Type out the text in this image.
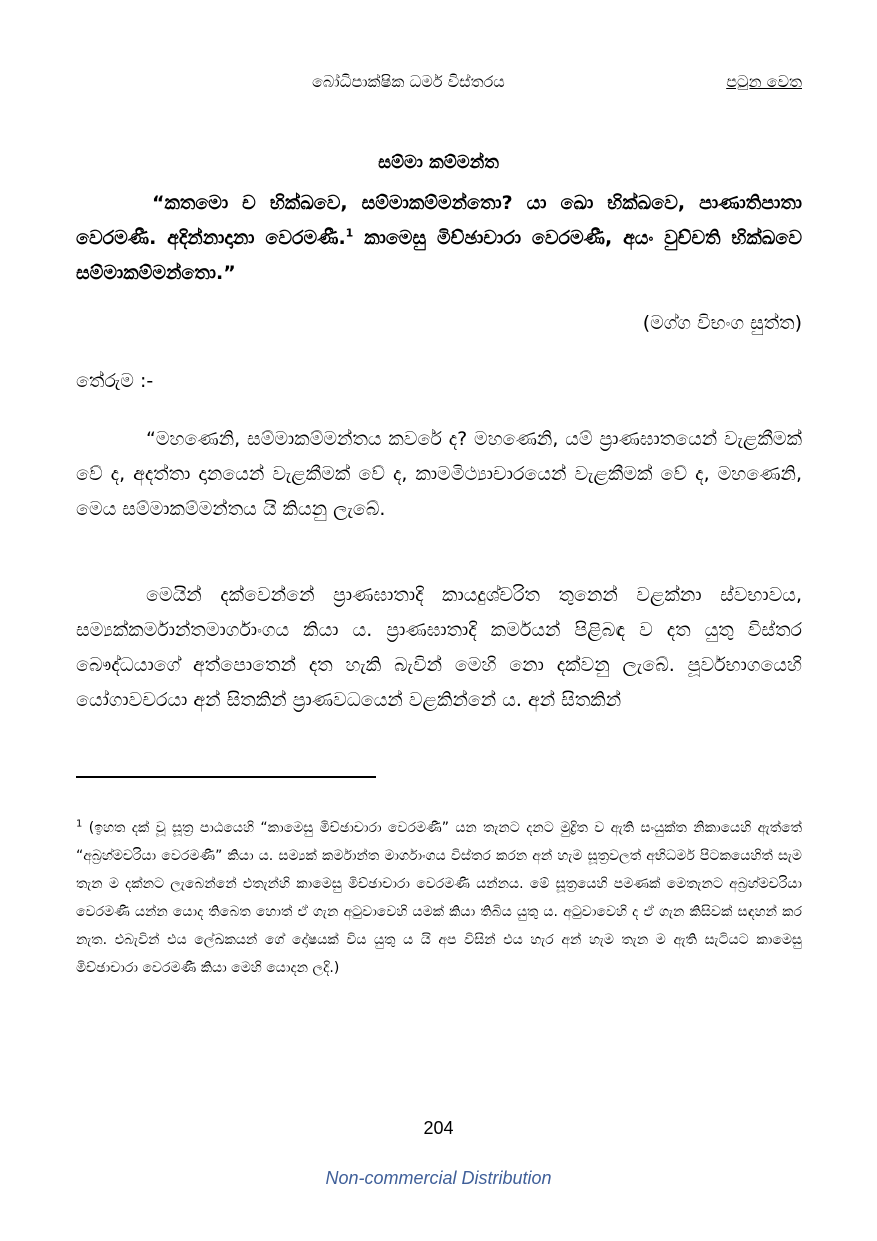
බෝධිපාක්ෂික ධර්ම විස්තරය	පටුන වෙත
සම්මා කම්මන්ත

“කතමො ච භික්ඛවෙ, සම්මාකම්මන්තො? යා ඛො භික්ඛවෙ, පාණාතිපාතා වෙරමණී. අදින්නාදානා වෙරමණී.$^1$ කාමෙසු මිච්ඡාචාරා වෙරමණී, අයං වුච්චති භික්ඛවෙ සම්මාකම්මන්තො.”

(මග්ග විභංග සුත්ත)
තේරුම :-

“මහණෙනි, සම්මාකම්මන්තය කවරේ ද? මහණෙනි, යම් ප්‍රාණඝාතයෙන් වැළකීමක් වේ ද, අදත්තා දානයෙන් වැළකීමක් වේ ද, කාමමිථ්‍යාචාරයෙන් වැළකීමක් වේ ද, මහණෙනි, මෙය සම්මාකම්මන්තය යි කියනු ලැබේ.

මෙයින් දක්වෙන්නේ ප්‍රාණඝාතාදි කායදුශ්චරිත තුනෙන් වළක්නා ස්වභාවය, සම්‍යක්කර්මාන්තමාර්ගාංගය කියා ය. ප්‍රාණඝාතාදි කර්මයන් පිළිබඳ ව දත යුතු විස්තර බෞද්ධයාගේ අත්පොතෙන් දත හැකි බැවින් මෙහි නො දක්වනු ලැබේ. පූර්වභාගයෙහි යෝගාවචරයා අන් සිතකින් ප්‍රාණවධයෙන් වළකින්නේ ය. අන් සිතකින්

$^1$ (ඉහත දක් වූ සූත්‍ර පාඨයෙහි “කාමෙසු මිච්ඡාචාරා වෙරමණී” යන තැනට දනට මුද්‍රිත ව ඇති සංයුක්ත නිකායෙහි ඇත්තේ “අබ්‍රහ්මචරියා වෙරමණී” කියා ය. සම්‍යක් කර්මාන්ත මාර්ගාංගය විස්තර කරන අන් හැම සූත්‍රවලත් අභිධර්ම පිටකයෙහිත් සැම තැන ම දක්නට ලැබෙන්නේ එතැන්හි කාමෙසු මිච්ඡාචාරා වෙරමණී යන්නය. මේ සූත්‍රයෙහි පමණක් මෙතැනට අබ්‍රහ්මචරියා වෙරමණී යන්න යොද තිබෙත හොත් ඒ ගැන අටුවාවෙහි යමක් කියා තිබිය යුතු ය. අටුවාවෙහි ද ඒ ගැන කිසිවක් සඳහන් කර නැත. එබැවින් එය ලේඛකයන් ගේ දෝෂයක් විය යුතු ය යි අප විසින් එය හැර අන් හැම තැන ම ඇති සැටියට කාමෙසු මිච්ඡාචාරා වෙරමණී කියා මෙහි යොදන ලදි.)

204
Non-commercial Distribution
